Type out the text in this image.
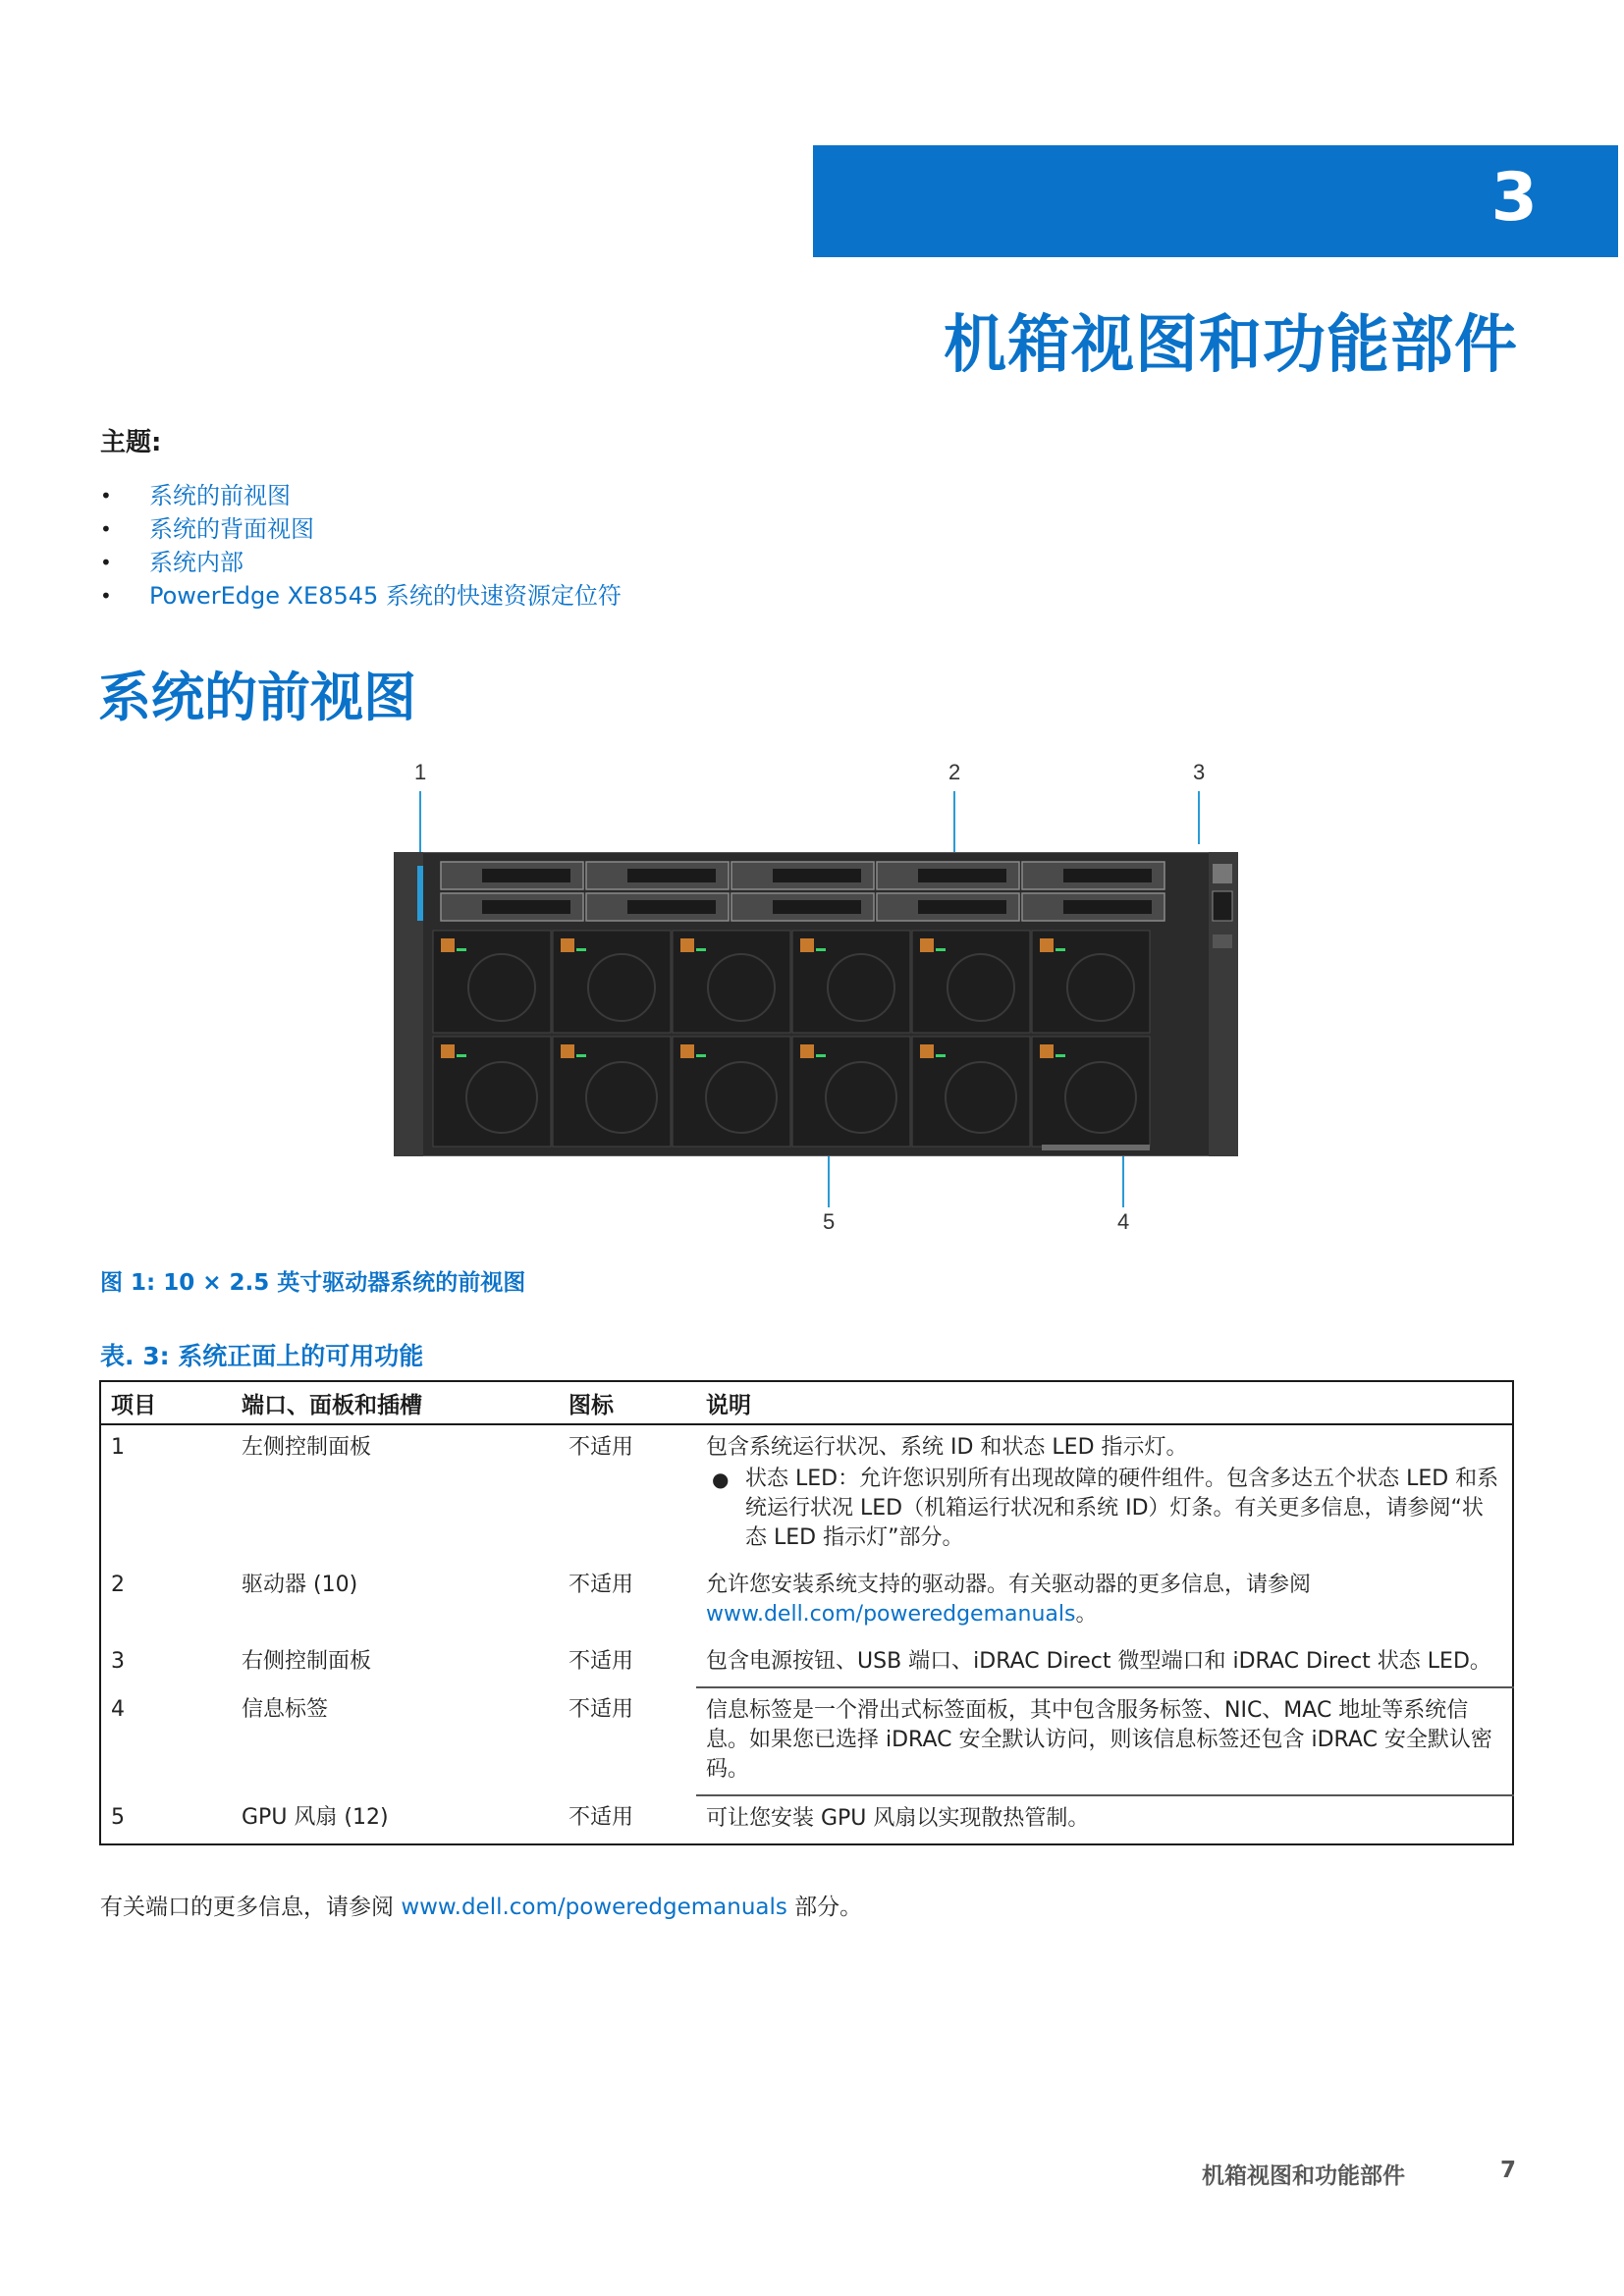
3
机箱视图和功能部件
主题:
• 系统的前视图
• 系统的背面视图
• 系统内部
• PowerEdge XE8545 系统的快速资源定位符
系统的前视图
1	2	3
4
5
图 1: 10 × 2.5 英寸驱动器系统的前视图
表. 3: 系统正面上的可用功能
项目	端口、面板和插槽	图标	说明
1	左侧控制面板	不适用	包含系统运行状况、系统 ID 和状态 LED 指示灯。
● 状态 LED：允许您识别所有出现故障的硬件组件。包含多达五个状态 LED 和系统运行状况 LED（机箱运行状况和系统 ID）灯条。有关更多信息，请参阅“状态 LED 指示灯”部分。

2	驱动器 (10)	不适用	允许您安装系统支持的驱动器。有关驱动器的更多信息，请参阅
www.dell.com/poweredgemanuals。
3	右侧控制面板	不适用	包含电源按钮、USB 端口、iDRAC Direct 微型端口和 iDRAC Direct 状态 LED。
4	信息标签	不适用	信息标签是一个滑出式标签面板，其中包含服务标签、NIC、MAC 地址等系统信息。如果您已选择 iDRAC 安全默认访问，则该信息标签还包含 iDRAC 安全默认密码。
5	GPU 风扇 (12)	不适用	可让您安装 GPU 风扇以实现散热管制。
有关端口的更多信息，请参阅 www.dell.com/poweredgemanuals 部分。
机箱视图和功能部件	7
